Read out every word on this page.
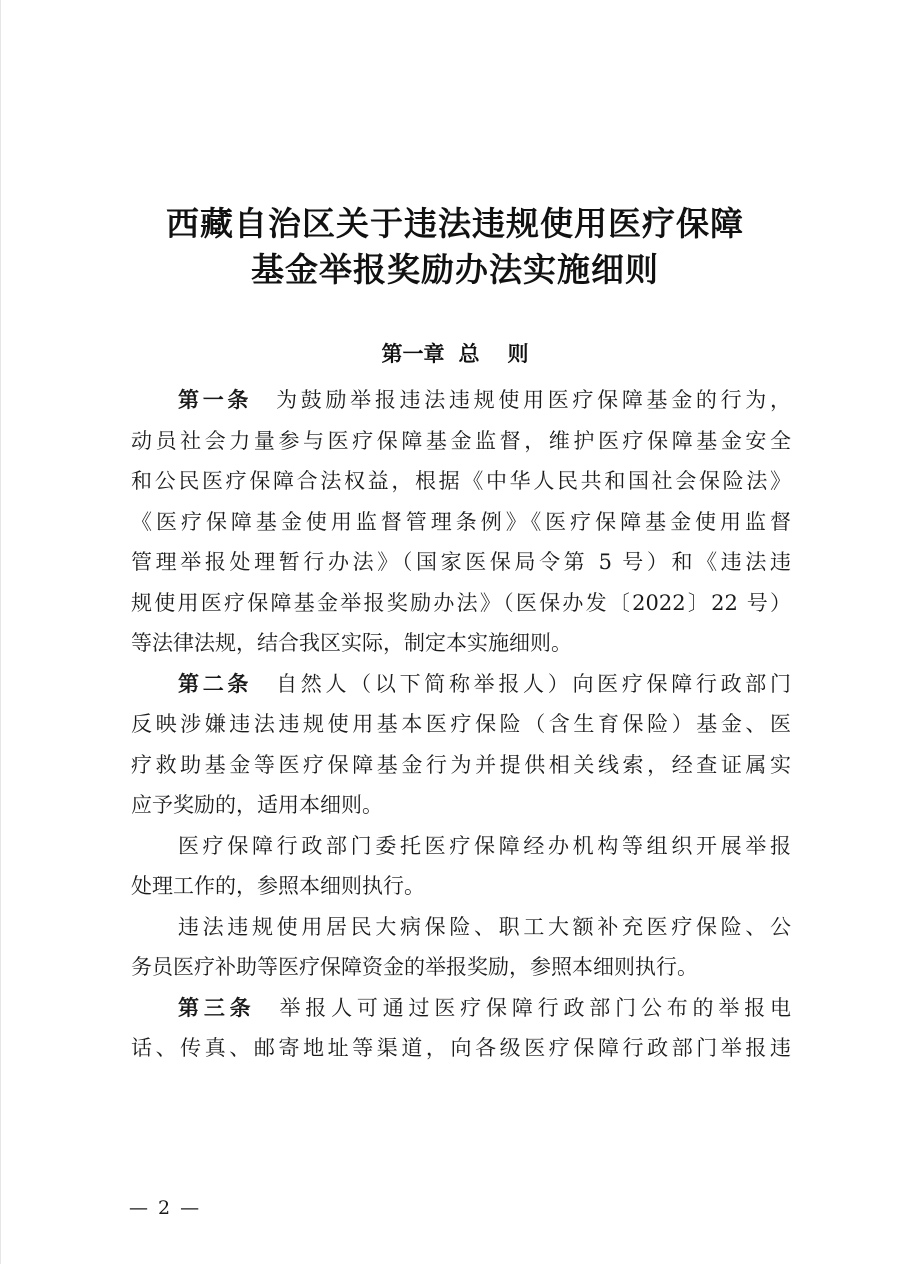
西藏自治区关于违法违规使用医疗保障
基金举报奖励办法实施细则
第一章 总 则
第一条 为鼓励举报违法违规使用医疗保障基金的行为，
动员社会力量参与医疗保障基金监督，维护医疗保障基金安全
和公民医疗保障合法权益，根据《中华人民共和国社会保险法》
《医疗保障基金使用监督管理条例》《医疗保障基金使用监督
管理举报处理暂行办法》（国家医保局令第 5 号）和《违法违
规使用医疗保障基金举报奖励办法》（医保办发〔2022〕22 号）
等法律法规，结合我区实际，制定本实施细则。
第二条 自然人（以下简称举报人）向医疗保障行政部门
反映涉嫌违法违规使用基本医疗保险（含生育保险）基金、医
疗救助基金等医疗保障基金行为并提供相关线索，经查证属实
应予奖励的，适用本细则。
医疗保障行政部门委托医疗保障经办机构等组织开展举报
处理工作的，参照本细则执行。
违法违规使用居民大病保险、职工大额补充医疗保险、公
务员医疗补助等医疗保障资金的举报奖励，参照本细则执行。
第三条 举报人可通过医疗保障行政部门公布的举报电
话、传真、邮寄地址等渠道，向各级医疗保障行政部门举报违
— 2 —
